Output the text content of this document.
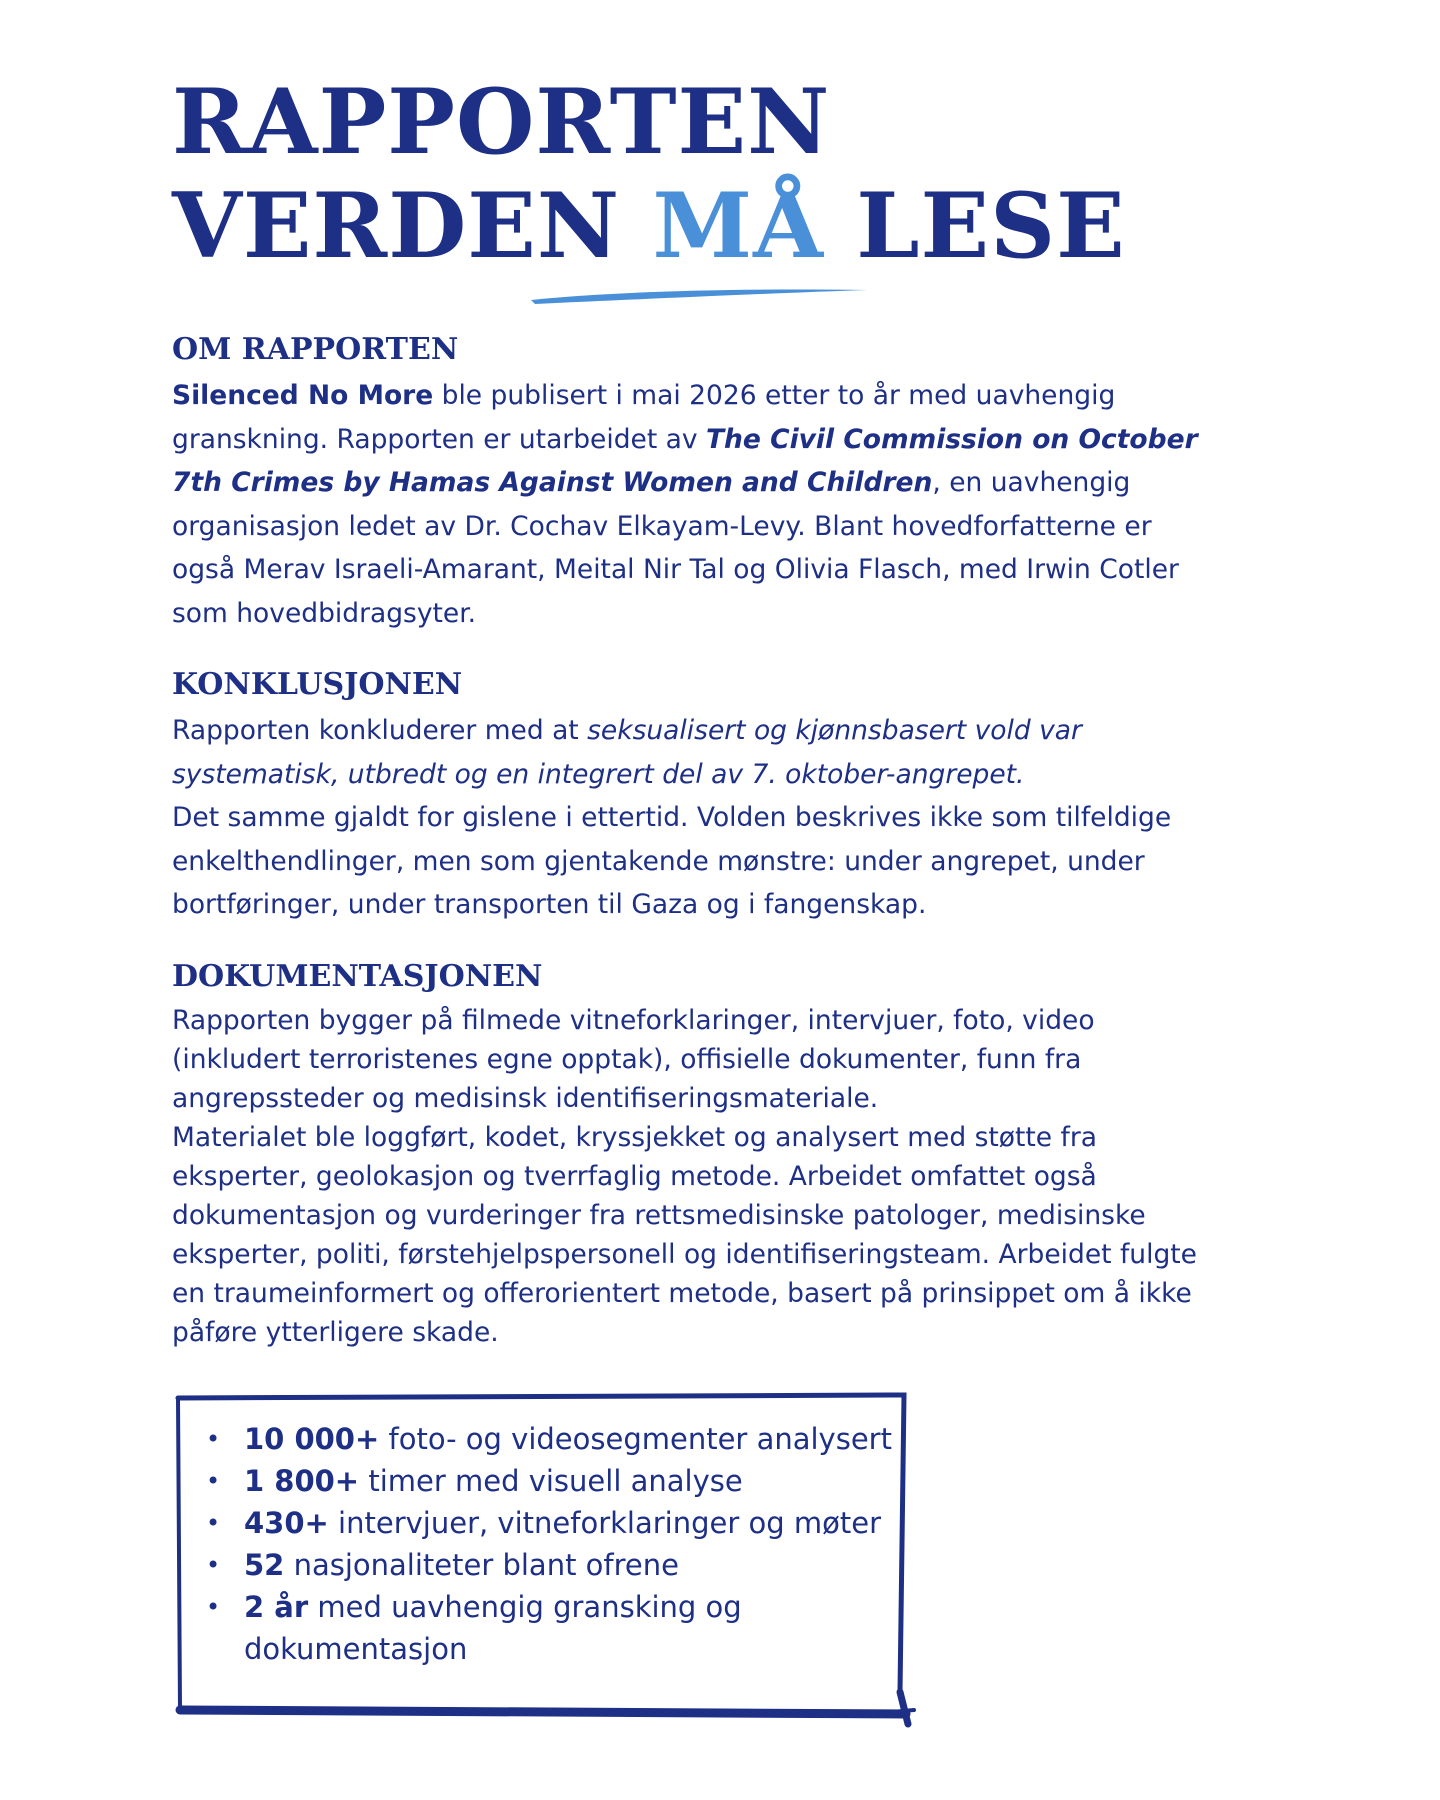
RAPPORTEN
VERDEN MÅ LESE
OM RAPPORTEN

Silenced No More ble publisert i mai 2026 etter to år med uavhengig granskning. Rapporten er utarbeidet av The Civil Commission on October 7th Crimes by Hamas Against Women and Children, en uavhengig organisasjon ledet av Dr. Cochav Elkayam-Levy. Blant hovedforfatterne er også Merav Israeli-Amarant, Meital Nir Tal og Olivia Flasch, med Irwin Cotler som hovedbidragsyter.

KONKLUSJONEN

Rapporten konkluderer med at seksualisert og kjønnsbasert vold var systematisk, utbredt og en integrert del av 7. oktober-angrepet.

Det samme gjaldt for gislene i ettertid. Volden beskrives ikke som tilfeldige enkelthendlinger, men som gjentakende mønstre: under angrepet, under bortføringer, under transporten til Gaza og i fangenskap.

DOKUMENTASJONEN

Rapporten bygger på filmede vitneforklaringer, intervjuer, foto, video (inkludert terroristenes egne opptak), offisielle dokumenter, funn fra angrepssteder og medisinsk identifiseringsmateriale.

Materialet ble loggført, kodet, kryssjekket og analysert med støtte fra eksperter, geolokasjon og tverrfaglig metode. Arbeidet omfattet også dokumentasjon og vurderinger fra rettsmedisinske patologer, medisinske eksperter, politi, førstehjelpspersonell og identifiseringsteam. Arbeidet fulgte en traumeinformert og offerorientert metode, basert på prinsippet om å ikke påføre ytterligere skade.

• 10 000+ foto- og videosegmenter analysert
• 1 800+ timer med visuell analyse
• 430+ intervjuer, vitneforklaringer og møter
• 52 nasjonaliteter blant ofrene
• 2 år med uavhengig gransking og dokumentasjon
